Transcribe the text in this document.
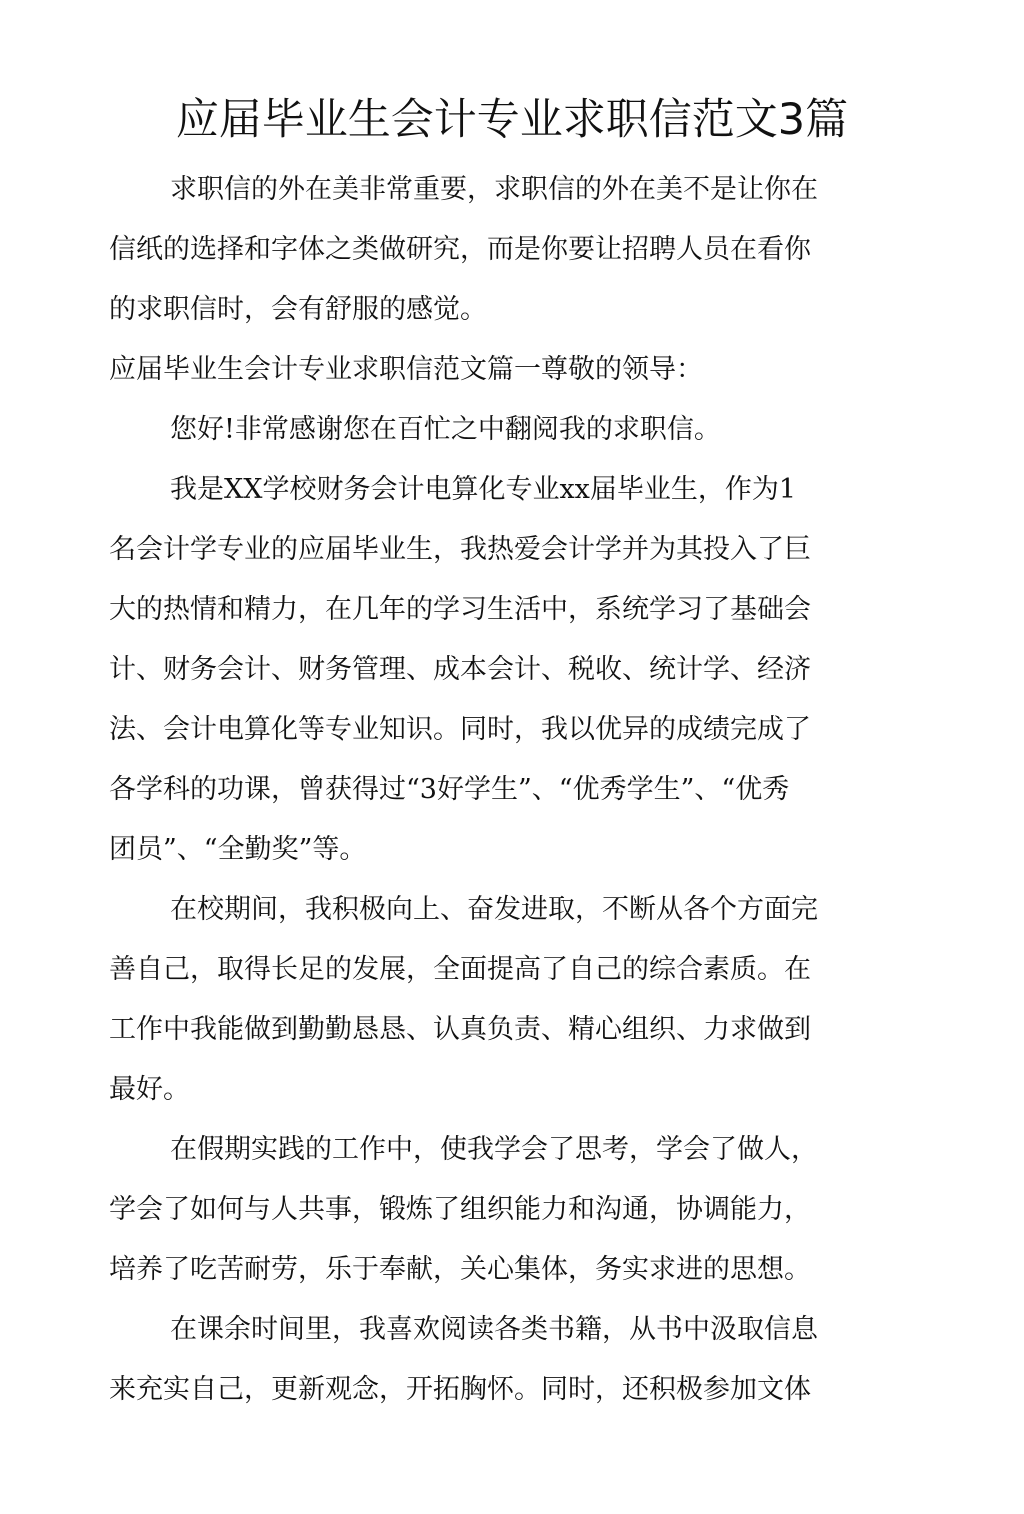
应届毕业生会计专业求职信范文3篇
求职信的外在美非常重要，求职信的外在美不是让你在
信纸的选择和字体之类做研究，而是你要让招聘人员在看你
的求职信时，会有舒服的感觉。
应届毕业生会计专业求职信范文篇一尊敬的领导：
您好!非常感谢您在百忙之中翻阅我的求职信。
我是XX学校财务会计电算化专业xx届毕业生，作为1
名会计学专业的应届毕业生，我热爱会计学并为其投入了巨
大的热情和精力，在几年的学习生活中，系统学习了基础会
计、财务会计、财务管理、成本会计、税收、统计学、经济
法、会计电算化等专业知识。同时，我以优异的成绩完成了
各学科的功课，曾获得过“3好学生”、“优秀学生”、“优秀
团员”、“全勤奖”等。
在校期间，我积极向上、奋发进取，不断从各个方面完
善自己，取得长足的发展，全面提高了自己的综合素质。在
工作中我能做到勤勤恳恳、认真负责、精心组织、力求做到
最好。
在假期实践的工作中，使我学会了思考，学会了做人，
学会了如何与人共事，锻炼了组织能力和沟通，协调能力，
培养了吃苦耐劳，乐于奉献，关心集体，务实求进的思想。
在课余时间里，我喜欢阅读各类书籍，从书中汲取信息
来充实自己，更新观念，开拓胸怀。同时，还积极参加文体
